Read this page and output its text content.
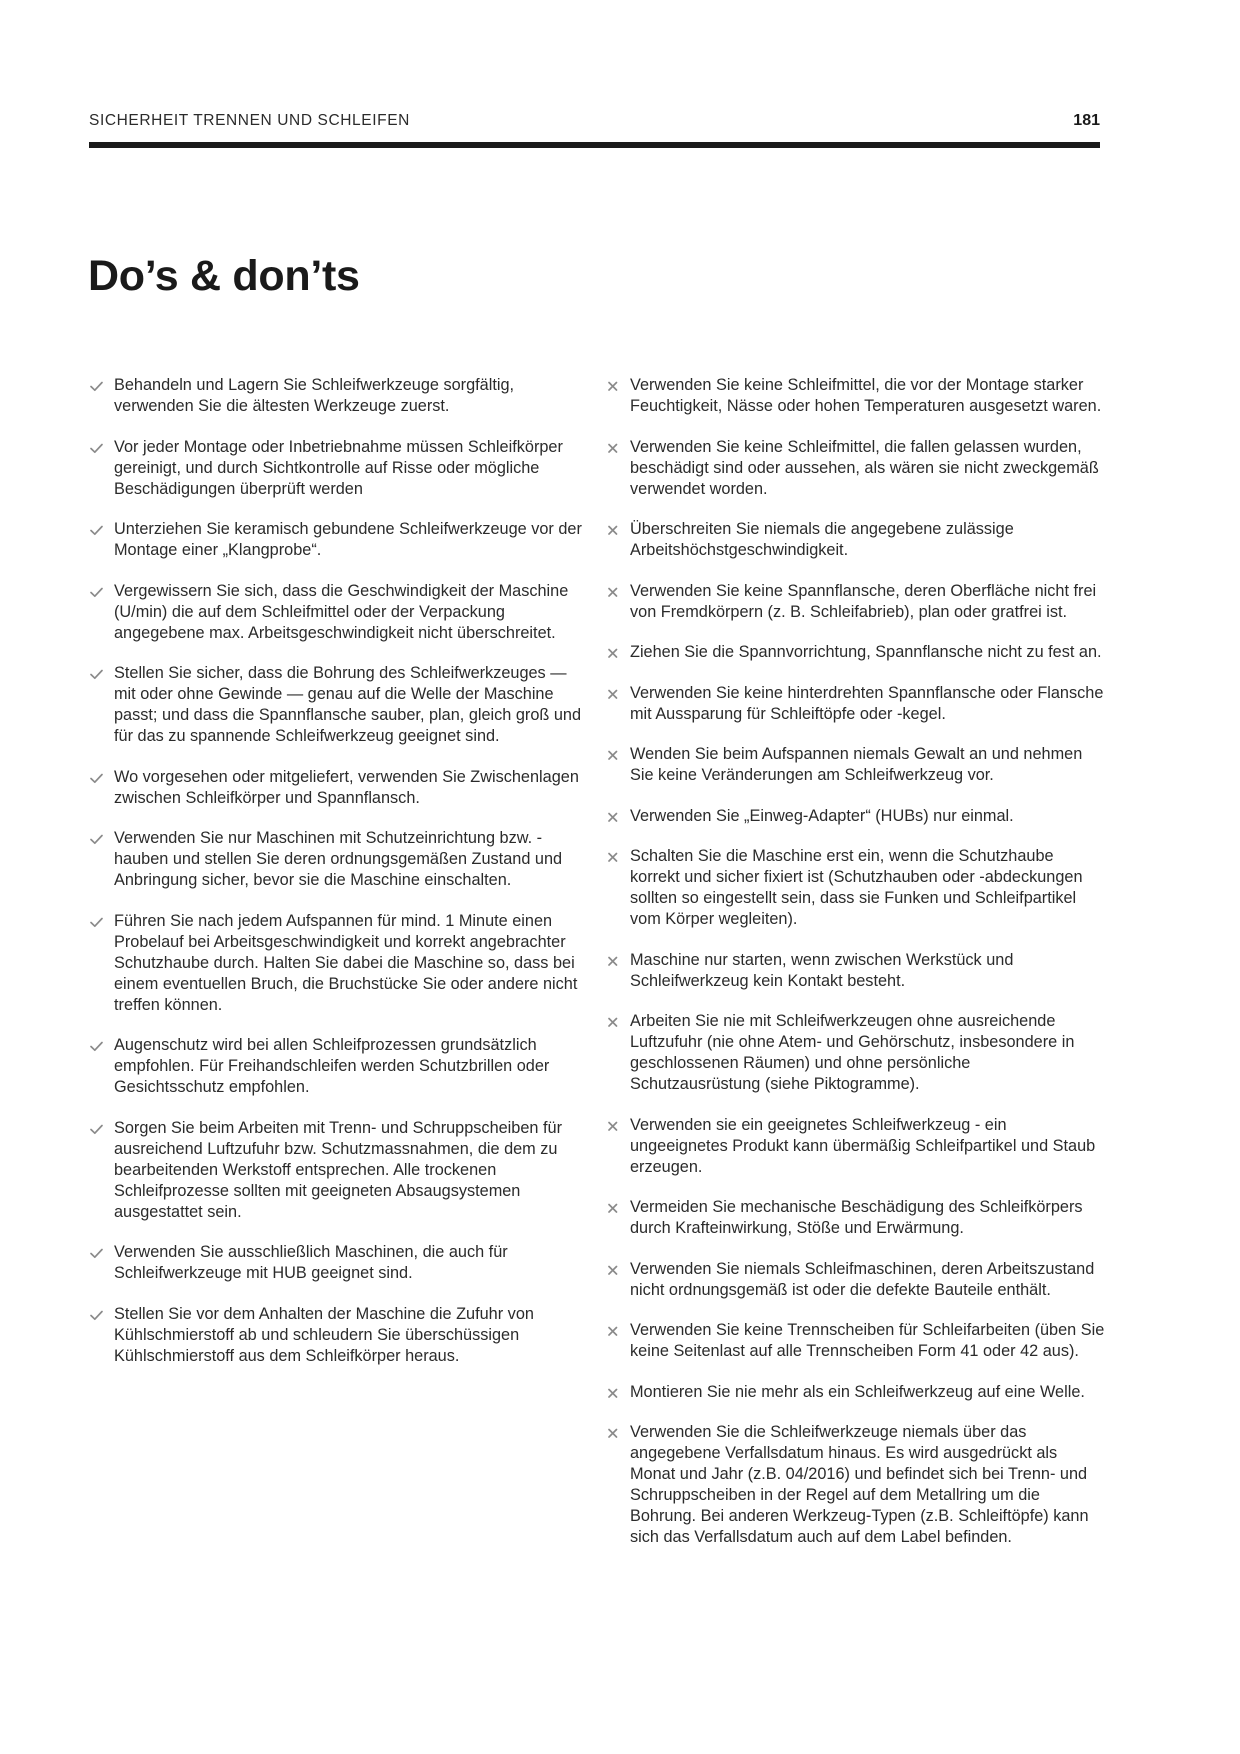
SICHERHEIT TRENNEN UND SCHLEIFEN	181
Do’s & don’ts
Behandeln und Lagern Sie Schleifwerkzeuge sorgfältig, verwenden Sie die ältesten Werkzeuge zuerst.
Vor jeder Montage oder Inbetriebnahme müssen Schleifkörper gereinigt, und durch Sichtkontrolle auf Risse oder mögliche Beschädigungen überprüft werden
Unterziehen Sie keramisch gebundene Schleifwerkzeuge vor der Montage einer „Klangprobe“.
Vergewissern Sie sich, dass die Geschwindigkeit der Maschine (U/min) die auf dem Schleifmittel oder der Verpackung angegebene max. Arbeitsgeschwindigkeit nicht überschreitet.
Stellen Sie sicher, dass die Bohrung des Schleifwerkzeuges — mit oder ohne Gewinde — genau auf die Welle der Maschine passt; und dass die Spannflansche sauber, plan, gleich groß und für das zu spannende Schleifwerkzeug geeignet sind.
Wo vorgesehen oder mitgeliefert, verwenden Sie Zwischenlagen zwischen Schleifkörper und Spannflansch.
Verwenden Sie nur Maschinen mit Schutzeinrichtung bzw. -hauben und stellen Sie deren ordnungsgemäßen Zustand und Anbringung sicher, bevor sie die Maschine einschalten.
Führen Sie nach jedem Aufspannen für mind. 1 Minute einen Probelauf bei Arbeitsgeschwindigkeit und korrekt angebrachter Schutzhaube durch. Halten Sie dabei die Maschine so, dass bei einem eventuellen Bruch, die Bruchstücke Sie oder andere nicht treffen können.
Augenschutz wird bei allen Schleifprozessen grundsätzlich empfohlen. Für Freihandschleifen werden Schutzbrillen oder Gesichtsschutz empfohlen.
Sorgen Sie beim Arbeiten mit Trenn- und Schruppscheiben für ausreichend Luftzufuhr bzw. Schutzmassnahmen, die dem zu bearbeitenden Werkstoff entsprechen. Alle trockenen Schleifprozesse sollten mit geeigneten Absaugsystemen ausgestattet sein.
Verwenden Sie ausschließlich Maschinen, die auch für Schleifwerkzeuge mit HUB geeignet sind.
Stellen Sie vor dem Anhalten der Maschine die Zufuhr von Kühlschmierstoff ab und schleudern Sie überschüssigen Kühlschmierstoff aus dem Schleifkörper heraus.
Verwenden Sie keine Schleifmittel, die vor der Montage starker Feuchtigkeit, Nässe oder hohen Temperaturen ausgesetzt waren.
Verwenden Sie keine Schleifmittel, die fallen gelassen wurden, beschädigt sind oder aussehen, als wären sie nicht zweckgemäß verwendet worden.
Überschreiten Sie niemals die angegebene zulässige Arbeitshöchstgeschwindigkeit.
Verwenden Sie keine Spannflansche, deren Oberfläche nicht frei von Fremdkörpern (z. B. Schleifabrieb), plan oder gratfrei ist.
Ziehen Sie die Spannvorrichtung, Spannflansche nicht zu fest an.
Verwenden Sie keine hinterdrehten Spannflansche oder Flansche mit Aussparung für Schleiftöpfe oder -kegel.
Wenden Sie beim Aufspannen niemals Gewalt an und nehmen Sie keine Veränderungen am Schleifwerkzeug vor.
Verwenden Sie „Einweg-Adapter“ (HUBs) nur einmal.
Schalten Sie die Maschine erst ein, wenn die Schutzhaube korrekt und sicher fixiert ist (Schutzhauben oder -abdeckungen sollten so eingestellt sein, dass sie Funken und Schleifpartikel vom Körper wegleiten).
Maschine nur starten, wenn zwischen Werkstück und Schleifwerkzeug kein Kontakt besteht.
Arbeiten Sie nie mit Schleifwerkzeugen ohne ausreichende Luftzufuhr (nie ohne Atem- und Gehörschutz, insbesondere in geschlossenen Räumen) und ohne persönliche Schutzausrüstung (siehe Piktogramme).
Verwenden sie ein geeignetes Schleifwerkzeug - ein ungeeignetes Produkt kann übermäßig Schleifpartikel und Staub erzeugen.
Vermeiden Sie mechanische Beschädigung des Schleifkörpers durch Krafteinwirkung, Stöße und Erwärmung.
Verwenden Sie niemals Schleifmaschinen, deren Arbeitszustand nicht ordnungsgemäß ist oder die defekte Bauteile enthält.
Verwenden Sie keine Trennscheiben für Schleifarbeiten (üben Sie keine Seitenlast auf alle Trennscheiben Form 41 oder 42 aus).
Montieren Sie nie mehr als ein Schleifwerkzeug auf eine Welle.
Verwenden Sie die Schleifwerkzeuge niemals über das angegebene Verfallsdatum hinaus. Es wird ausgedrückt als Monat und Jahr (z.B. 04/2016) und befindet sich bei Trenn- und Schruppscheiben in der Regel auf dem Metallring um die Bohrung. Bei anderen Werkzeug-Typen (z.B. Schleiftöpfe) kann sich das Verfallsdatum auch auf dem Label befinden.
